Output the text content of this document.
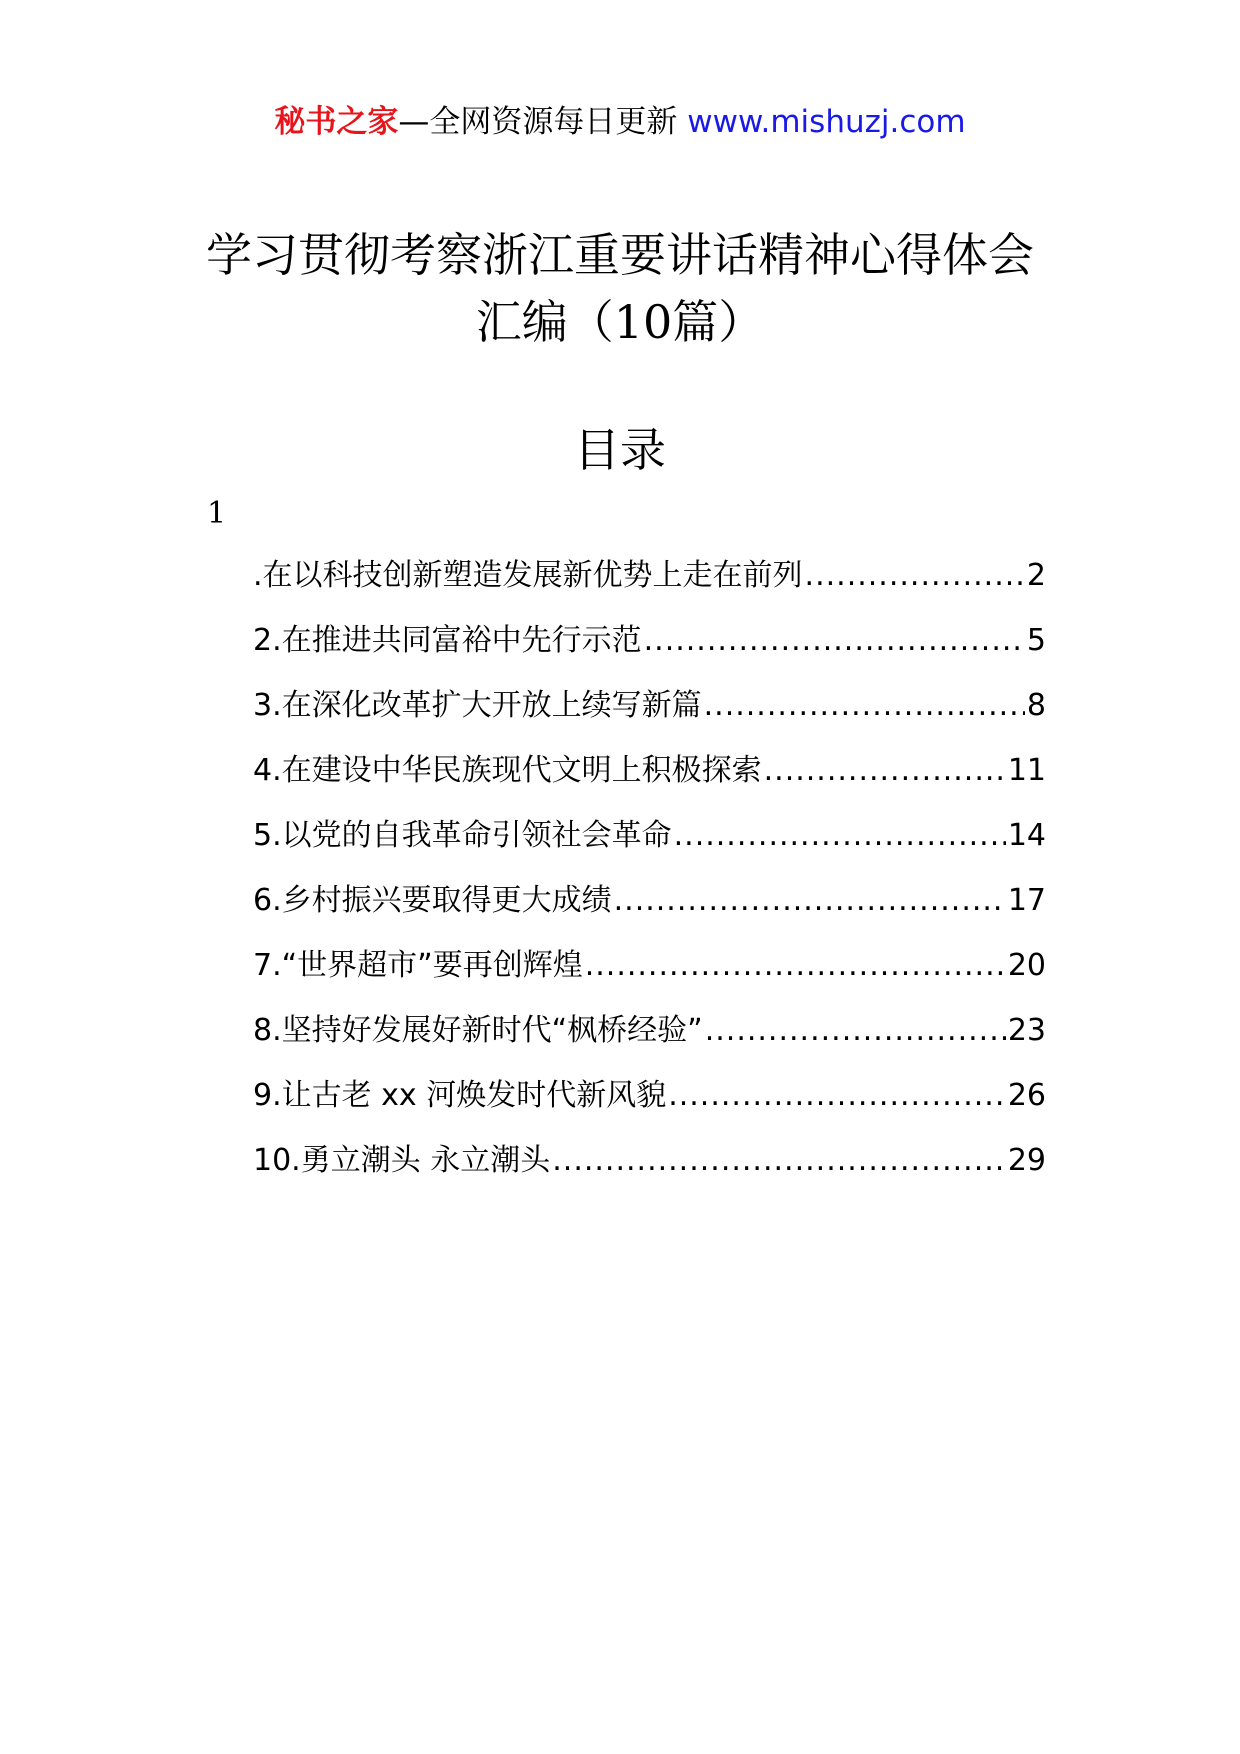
秘书之家—全网资源每日更新 www.mishuzj.com
学习贯彻考察浙江重要讲话精神心得体会
汇编（10篇）
目录
1
.在以科技创新塑造发展新优势上走在前列 .....	2
2.在推进共同富裕中先行示范 .....	5
3.在深化改革扩大开放上续写新篇 .....	8
4.在建设中华民族现代文明上积极探索 .....	11
5.以党的自我革命引领社会革命 .....	14
6.乡村振兴要取得更大成绩 .....	17
7.“世界超市”要再创辉煌 .....	20
8.坚持好发展好新时代“枫桥经验” .....	23
9.让古老 xx 河焕发时代新风貌 .....	26
10.勇立潮头 永立潮头 .....	29
